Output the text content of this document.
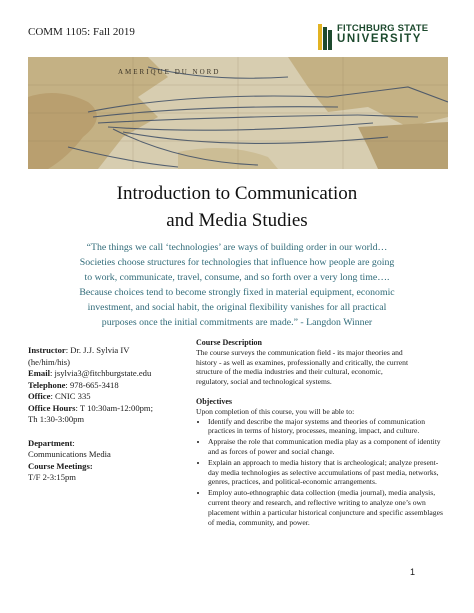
COMM 1105: Fall 2019	FITCHBURG STATE
UNIVERSITY
AMERIQUE DU NORD
Introduction to Communication
and Media Studies
“The things we call ‘technologies’ are ways of building order in our world…
Societies choose structures for technologies that influence how people are going
to work, communicate, travel, consume, and so forth over a very long time….
Because choices tend to become strongly fixed in material equipment, economic
investment, and social habit, the original flexibility vanishes for all practical
purposes once the initial commitments are made.” - Langdon Winner
Instructor: Dr. J.J. Sylvia IV
(he/him/his)
Email: jsylvia3@fitchburgstate.edu
Telephone: 978-665-3418
Office: CNIC 335
Office Hours: T 10:30am-12:00pm;
Th 1:30-3:00pm
Department:
Communications Media
Course Meetings:
T/F 2-3:15pm
Course Description

The course surveys the communication field - its major theories and

history - as well as examines, professionally and critically, the current

structure of the media industries and their cultural, economic,

regulatory, social and technological systems.

Objectives

Upon completion of this course, you will be able to:

• Identify and describe the major systems and theories of communication practices in terms of history, processes, meaning, impact, and culture.
• Appraise the role that communication media play as a component of identity and as forces of power and social change.
• Explain an approach to media history that is archeological; analyze present-day media technologies as selective accumulations of past media, networks, genres, practices, and political-economic arrangements.
• Employ auto-ethnographic data collection (media journal), media analysis, current theory and research, and reflective writing to analyze one’s own placement within a particular historical conjuncture and specific assemblages of media, community, and power.
1
